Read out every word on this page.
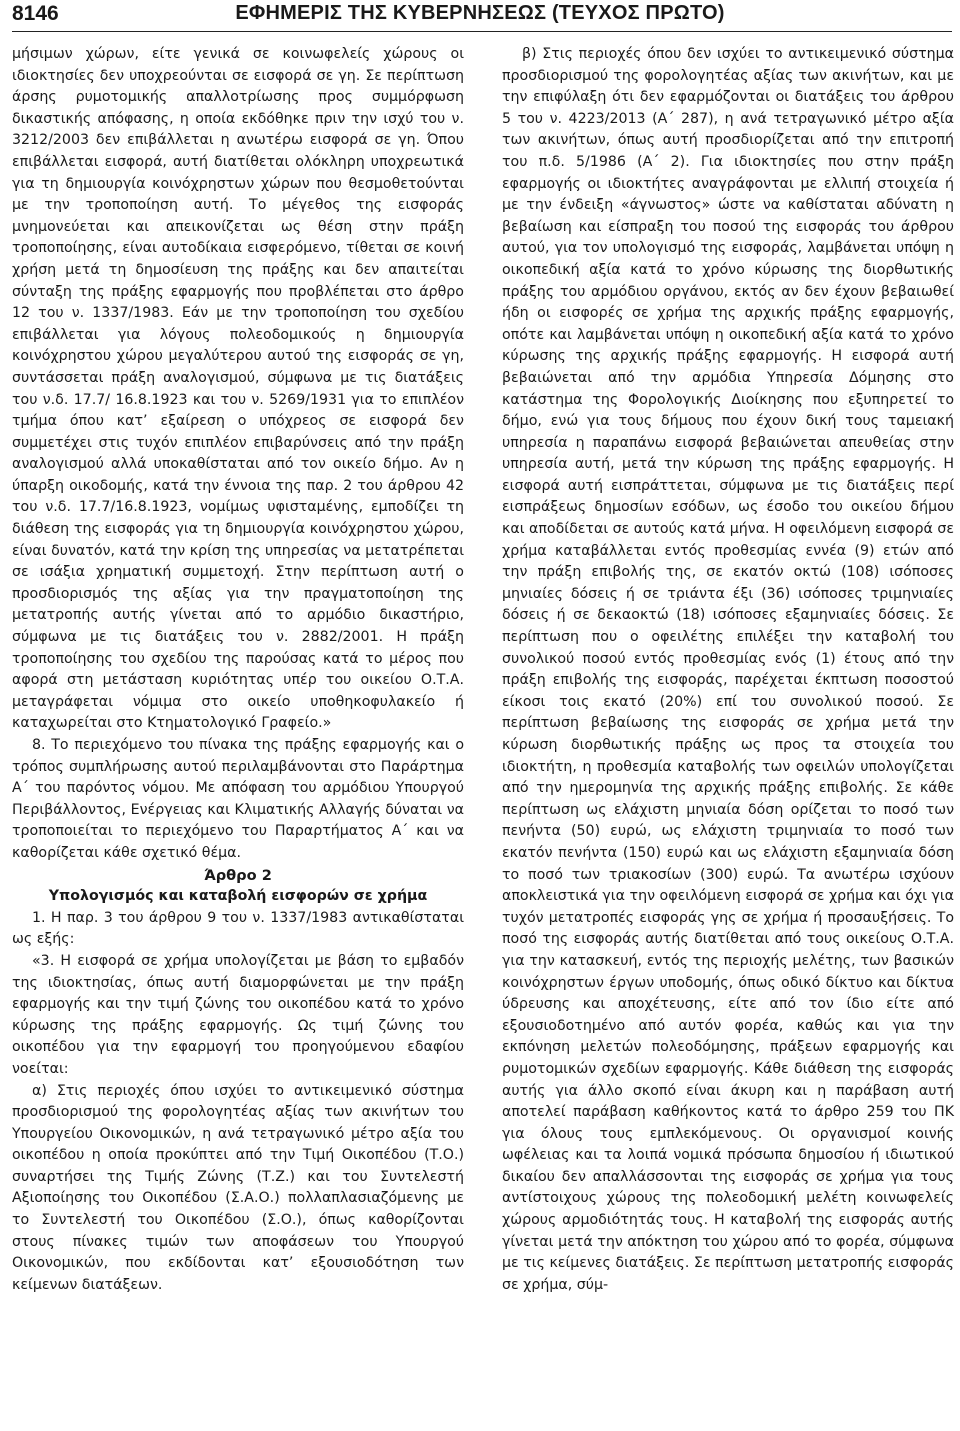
8146	ΕΦΗΜΕΡΙΣ ΤΗΣ ΚΥΒΕΡΝΗΣΕΩΣ (ΤΕΥΧΟΣ ΠΡΩΤΟ)

μήσιμων χώρων, είτε γενικά σε κοινωφελείς χώρους οι ιδιοκτησίες δεν υποχρεούνται σε εισφορά σε γη. Σε περίπτωση άρσης ρυμοτομικής απαλλοτρίωσης προς συμμόρφωση δικαστικής απόφασης, η οποία εκδόθηκε πριν την ισχύ του ν. 3212/2003 δεν επιβάλλεται η ανωτέρω εισφορά σε γη. Όπου επιβάλλεται εισφορά, αυτή διατίθεται ολόκληρη υποχρεωτικά για τη δημιουργία κοινόχρηστων χώρων που θεσμοθετούνται με την τροποποίηση αυτή. Το μέγεθος της εισφοράς μνημονεύεται και απεικονίζεται ως θέση στην πράξη τροποποίησης, είναι αυτοδίκαια εισφερόμενο, τίθεται σε κοινή χρήση μετά τη δημοσίευση της πράξης και δεν απαιτείται σύνταξη της πράξης εφαρμογής που προβλέπεται στο άρθρο 12 του ν. 1337/1983. Εάν με την τροποποίηση του σχεδίου επιβάλλεται για λόγους πολεοδομικούς η δημιουργία κοινόχρηστου χώρου μεγαλύτερου αυτού της εισφοράς σε γη, συντάσσεται πράξη αναλογισμού, σύμφωνα με τις διατάξεις του ν.δ. 17.7/ 16.8.1923 και του ν. 5269/1931 για το επιπλέον τμήμα όπου κατ’ εξαίρεση ο υπόχρεος σε εισφορά δεν συμμετέχει στις τυχόν επιπλέον επιβαρύνσεις από την πράξη αναλογισμού αλλά υποκαθίσταται από τον οικείο δήμο. Αν η ύπαρξη οικοδομής, κατά την έννοια της παρ. 2 του άρθρου 42 του ν.δ. 17.7/16.8.1923, νομίμως υφισταμένης, εμποδίζει τη διάθεση της εισφοράς για τη δημιουργία κοινόχρηστου χώρου, είναι δυνατόν, κατά την κρίση της υπηρεσίας να μετατρέπεται σε ισάξια χρηματική συμμετοχή. Στην περίπτωση αυτή ο προσδιορισμός της αξίας για την πραγματοποίηση της μετατροπής αυτής γίνεται από το αρμόδιο δικαστήριο, σύμφωνα με τις διατάξεις του ν. 2882/2001. Η πράξη τροποποίησης του σχεδίου της παρούσας κατά το μέρος που αφορά στη μετάσταση κυριότητας υπέρ του οικείου Ο.Τ.Α. μεταγράφεται νόμιμα στο οικείο υποθηκοφυλακείο ή καταχωρείται στο Κτηματολογικό Γραφείο.»

8. Το περιεχόμενο του πίνακα της πράξης εφαρμογής και ο τρόπος συμπλήρωσης αυτού περιλαμβάνονται στο Παράρτημα Α΄ του παρόντος νόμου. Με απόφαση του αρμόδιου Υπουργού Περιβάλλοντος, Ενέργειας και Κλιματικής Αλλαγής δύναται να τροποποιείται το περιεχόμενο του Παραρτήματος Α΄ και να καθορίζεται κάθε σχετικό θέμα.

Άρθρο 2

Υπολογισμός και καταβολή εισφορών σε χρήμα

1. Η παρ. 3 του άρθρου 9 του ν. 1337/1983 αντικαθίσταται ως εξής:

«3. Η εισφορά σε χρήμα υπολογίζεται με βάση το εμβαδόν της ιδιοκτησίας, όπως αυτή διαμορφώνεται με την πράξη εφαρμογής και την τιμή ζώνης του οικοπέδου κατά το χρόνο κύρωσης της πράξης εφαρμογής. Ως τιμή ζώνης του οικοπέδου για την εφαρμογή του προηγούμενου εδαφίου νοείται:

α) Στις περιοχές όπου ισχύει το αντικειμενικό σύστημα προσδιορισμού της φορολογητέας αξίας των ακινήτων του Υπουργείου Οικονομικών, η ανά τετραγωνικό μέτρο αξία του οικοπέδου η οποία προκύπτει από την Τιμή Οικοπέδου (Τ.Ο.) συναρτήσει της Τιμής Ζώνης (Τ.Ζ.) και του Συντελεστή Αξιοποίησης του Οικοπέδου (Σ.Α.Ο.) πολλαπλασιαζόμενης με το Συντελεστή του Οικοπέδου (Σ.Ο.), όπως καθορίζονται στους πίνακες τιμών των αποφάσεων του Υπουργού Οικονομικών, που εκδίδονται κατ’ εξουσιοδότηση των κείμενων διατάξεων.

β) Στις περιοχές όπου δεν ισχύει το αντικειμενικό σύστημα προσδιορισμού της φορολογητέας αξίας των ακινήτων, και με την επιφύλαξη ότι δεν εφαρμόζονται οι διατάξεις του άρθρου 5 του ν. 4223/2013 (Α΄ 287), η ανά τετραγωνικό μέτρο αξία των ακινήτων, όπως αυτή προσδιορίζεται από την επιτροπή του π.δ. 5/1986 (Α΄ 2). Για ιδιοκτησίες που στην πράξη εφαρμογής οι ιδιοκτήτες αναγράφονται με ελλιπή στοιχεία ή με την ένδειξη «άγνωστος» ώστε να καθίσταται αδύνατη η βεβαίωση και είσπραξη του ποσού της εισφοράς του άρθρου αυτού, για τον υπολογισμό της εισφοράς, λαμβάνεται υπόψη η οικοπεδική αξία κατά το χρόνο κύρωσης της διορθωτικής πράξης του αρμόδιου οργάνου, εκτός αν δεν έχουν βεβαιωθεί ήδη οι εισφορές σε χρήμα της αρχικής πράξης εφαρμογής, οπότε και λαμβάνεται υπόψη η οικοπεδική αξία κατά το χρόνο κύρωσης της αρχικής πράξης εφαρμογής. Η εισφορά αυτή βεβαιώνεται από την αρμόδια Υπηρεσία Δόμησης στο κατάστημα της Φορολογικής Διοίκησης που εξυπηρετεί το δήμο, ενώ για τους δήμους που έχουν δική τους ταμειακή υπηρεσία η παραπάνω εισφορά βεβαιώνεται απευθείας στην υπηρεσία αυτή, μετά την κύρωση της πράξης εφαρμογής. Η εισφορά αυτή εισπράττεται, σύμφωνα με τις διατάξεις περί εισπράξεως δημοσίων εσόδων, ως έσοδο του οικείου δήμου και αποδίδεται σε αυτούς κατά μήνα. Η οφειλόμενη εισφορά σε χρήμα καταβάλλεται εντός προθεσμίας εννέα (9) ετών από την πράξη επιβολής της, σε εκατόν οκτώ (108) ισόποσες μηνιαίες δόσεις ή σε τριάντα έξι (36) ισόποσες τριμηνιαίες δόσεις ή σε δεκαοκτώ (18) ισόποσες εξαμηνιαίες δόσεις. Σε περίπτωση που ο οφειλέτης επιλέξει την καταβολή του συνολικού ποσού εντός προθεσμίας ενός (1) έτους από την πράξη επιβολής της εισφοράς, παρέχεται έκπτωση ποσοστού είκοσι τοις εκατό (20%) επί του συνολικού ποσού. Σε περίπτωση βεβαίωσης της εισφοράς σε χρήμα μετά την κύρωση διορθωτικής πράξης ως προς τα στοιχεία του ιδιοκτήτη, η προθεσμία καταβολής των οφειλών υπολογίζεται από την ημερομηνία της αρχικής πράξης επιβολής. Σε κάθε περίπτωση ως ελάχιστη μηνιαία δόση ορίζεται το ποσό των πενήντα (50) ευρώ, ως ελάχιστη τριμηνιαία το ποσό των εκατόν πενήντα (150) ευρώ και ως ελάχιστη εξαμηνιαία δόση το ποσό των τριακοσίων (300) ευρώ. Τα ανωτέρω ισχύουν αποκλειστικά για την οφειλόμενη εισφορά σε χρήμα και όχι για τυχόν μετατροπές εισφοράς γης σε χρήμα ή προσαυξήσεις. Το ποσό της εισφοράς αυτής διατίθεται από τους οικείους Ο.Τ.Α. για την κατασκευή, εντός της περιοχής μελέτης, των βασικών κοινόχρηστων έργων υποδομής, όπως οδικό δίκτυο και δίκτυα ύδρευσης και αποχέτευσης, είτε από τον ίδιο είτε από εξουσιοδοτημένο από αυτόν φορέα, καθώς και για την εκπόνηση μελετών πολεοδόμησης, πράξεων εφαρμογής και ρυμοτομικών σχεδίων εφαρμογής. Κάθε διάθεση της εισφοράς αυτής για άλλο σκοπό είναι άκυρη και η παράβαση αυτή αποτελεί παράβαση καθήκοντος κατά το άρθρο 259 του ΠΚ για όλους τους εμπλεκόμενους. Οι οργανισμοί κοινής ωφέλειας και τα λοιπά νομικά πρόσωπα δημοσίου ή ιδιωτικού δικαίου δεν απαλλάσσονται της εισφοράς σε χρήμα για τους αντίστοιχους χώρους της πολεοδομική μελέτη κοινωφελείς χώρους αρμοδιότητάς τους. Η καταβολή της εισφοράς αυτής γίνεται μετά την απόκτηση του χώρου από το φορέα, σύμφωνα με τις κείμενες διατάξεις. Σε περίπτωση μετατροπής εισφοράς σε χρήμα, σύμ-
